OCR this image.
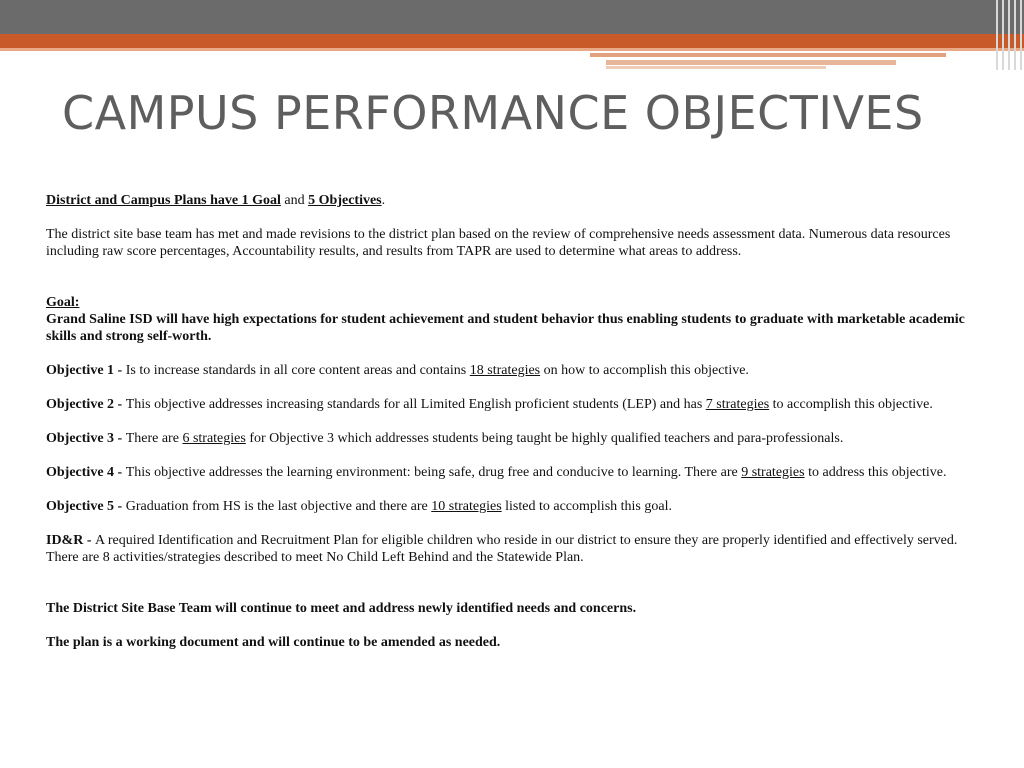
CAMPUS PERFORMANCE OBJECTIVES

District and Campus Plans have 1 Goal and 5 Objectives.

The district site base team has met and made revisions to the district plan based on the review of comprehensive needs assessment data. Numerous data resources including raw score percentages, Accountability results, and results from TAPR are used to determine what areas to address.

Goal:

Grand Saline ISD will have high expectations for student achievement and student behavior thus enabling students to graduate with marketable academic skills and strong self-worth.

Objective 1 - Is to increase standards in all core content areas and contains 18 strategies on how to accomplish this objective.

Objective 2 - This objective addresses increasing standards for all Limited English proficient students (LEP) and has 7 strategies to accomplish this objective.

Objective 3 - There are 6 strategies for Objective 3 which addresses students being taught be highly qualified teachers and para-professionals.

Objective 4 - This objective addresses the learning environment: being safe, drug free and conducive to learning. There are 9 strategies to address this objective.

Objective 5 - Graduation from HS is the last objective and there are 10 strategies listed to accomplish this goal.

ID&R - A required Identification and Recruitment Plan for eligible children who reside in our district to ensure they are properly identified and effectively served. There are 8 activities/strategies described to meet No Child Left Behind and the Statewide Plan.

The District Site Base Team will continue to meet and address newly identified needs and concerns.

The plan is a working document and will continue to be amended as needed.
